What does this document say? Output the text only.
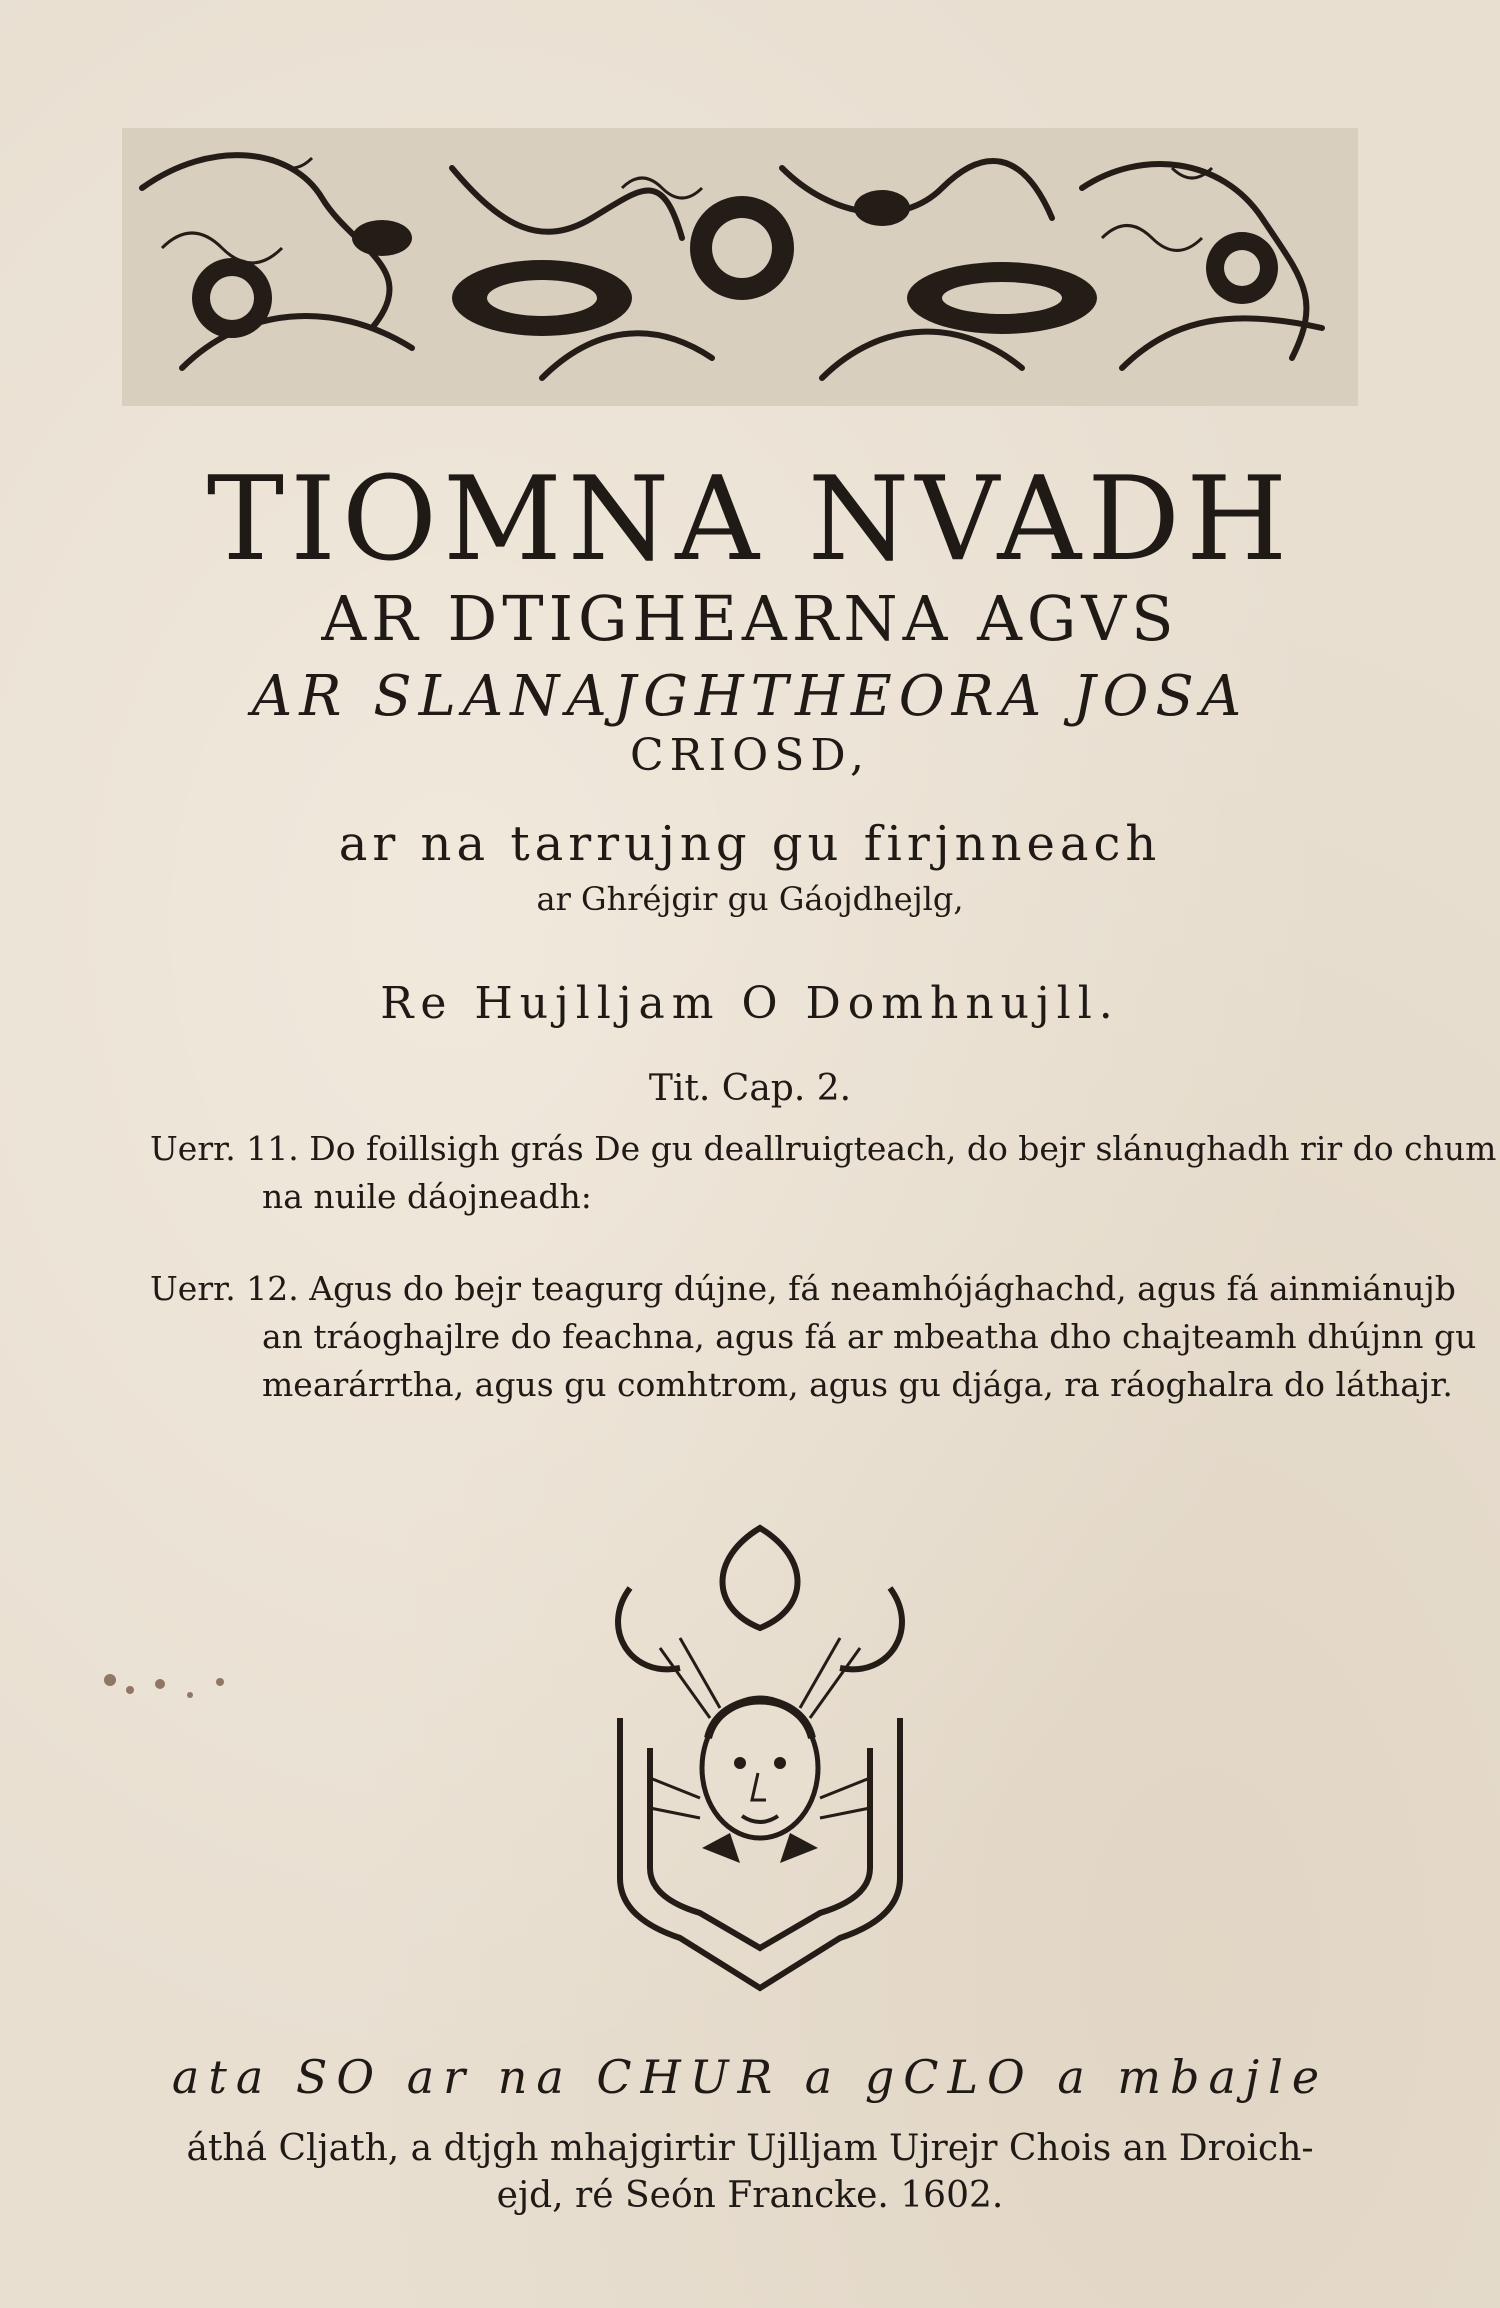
TIOMNA NVADH
AR DTIGHEARNA AGVS
AR SLANAJGHTHEORA JOSA
CRIOSD,
ar na tarrujng gu firjnneach
ar Ghréjgir gu Gáojdhejlg,
Re Hujlljam O Domhnujll.
Tit. Cap. 2.
Uerr. 11. Do foillsigh grás De gu deallruigteach, do bejr slánughadh rir do chum na nuile dáojneadh:
Uerr. 12. Agus do bejr teagurg dújne, fá neamhójághachd, agus fá ainmiánujb an tráoghajlre do feachna, agus fá ar mbeatha dho chajteamh dhújnn gu mearárrtha, agus gu comhtrom, agus gu djága, ra ráoghalra do láthajr.
ata SO ar na CHUR a gCLO a mbajle
áthá Cljath, a dtjgh mhajgirtir Ujlljam Ujrejr Chois an Droich-
ejd, ré Seón Francke. 1602.
